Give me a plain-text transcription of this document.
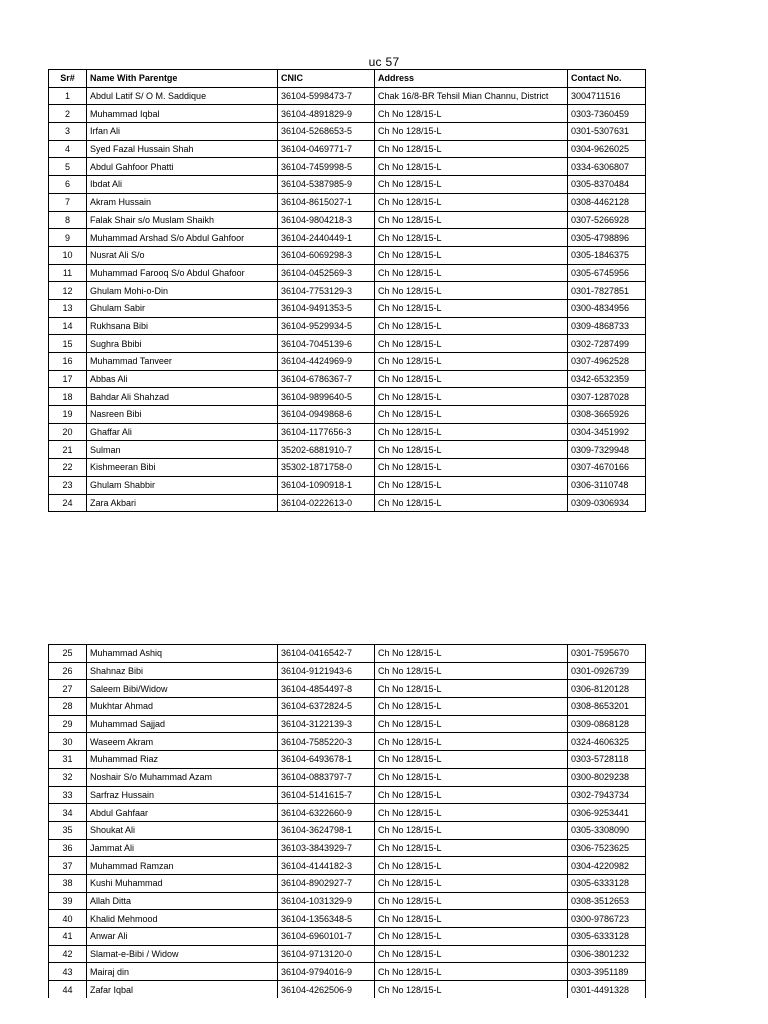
uc 57
Sr#	Name With Parentge	CNIC	Address	Contact No.
1	Abdul Latif S/ O M. Saddique	36104-5998473-7	Chak 16/8-BR Tehsil Mian Channu, District	3004711516
2	Muhammad Iqbal	36104-4891829-9	Ch No 128/15-L	0303-7360459
3	Irfan Ali	36104-5268653-5	Ch No 128/15-L	0301-5307631
4	Syed Fazal Hussain Shah	36104-0469771-7	Ch No 128/15-L	0304-9626025
5	Abdul Gahfoor Phatti	36104-7459998-5	Ch No 128/15-L	0334-6306807
6	Ibdat Ali	36104-5387985-9	Ch No 128/15-L	0305-8370484
7	Akram Hussain	36104-8615027-1	Ch No 128/15-L	0308-4462128
8	Falak Shair s/o Muslam Shaikh	36104-9804218-3	Ch No 128/15-L	0307-5266928
9	Muhammad Arshad S/o Abdul Gahfoor	36104-2440449-1	Ch No 128/15-L	0305-4798896
10	Nusrat Ali S/o	36104-6069298-3	Ch No 128/15-L	0305-1846375
11	Muhammad Farooq S/o Abdul Ghafoor	36104-0452569-3	Ch No 128/15-L	0305-6745956
12	Ghulam Mohi-o-Din	36104-7753129-3	Ch No 128/15-L	0301-7827851
13	Ghulam Sabir	36104-9491353-5	Ch No 128/15-L	0300-4834956
14	Rukhsana Bibi	36104-9529934-5	Ch No 128/15-L	0309-4868733
15	Sughra Bbibi	36104-7045139-6	Ch No 128/15-L	0302-7287499
16	Muhammad Tanveer	36104-4424969-9	Ch No 128/15-L	0307-4962528
17	Abbas Ali	36104-6786367-7	Ch No 128/15-L	0342-6532359
18	Bahdar Ali Shahzad	36104-9899640-5	Ch No 128/15-L	0307-1287028
19	Nasreen Bibi	36104-0949868-6	Ch No 128/15-L	0308-3665926
20	Ghaffar Ali	36104-1177656-3	Ch No 128/15-L	0304-3451992
21	Sulman	35202-6881910-7	Ch No 128/15-L	0309-7329948
22	Kishmeeran Bibi	35302-1871758-0	Ch No 128/15-L	0307-4670166
23	Ghulam Shabbir	36104-1090918-1	Ch No 128/15-L	0306-3110748
24	Zara Akbari	36104-0222613-0	Ch No 128/15-L	0309-0306934
25	Muhammad Ashiq	36104-0416542-7	Ch No 128/15-L	0301-7595670
26	Shahnaz Bibi	36104-9121943-6	Ch No 128/15-L	0301-0926739
27	Saleem Bibi/Widow	36104-4854497-8	Ch No 128/15-L	0306-8120128
28	Mukhtar Ahmad	36104-6372824-5	Ch No 128/15-L	0308-8653201
29	Muhammad Sajjad	36104-3122139-3	Ch No 128/15-L	0309-0868128
30	Waseem Akram	36104-7585220-3	Ch No 128/15-L	0324-4606325
31	Muhammad Riaz	36104-6493678-1	Ch No 128/15-L	0303-5728118
32	Noshair S/o Muhammad Azam	36104-0883797-7	Ch No 128/15-L	0300-8029238
33	Sarfraz Hussain	36104-5141615-7	Ch No 128/15-L	0302-7943734
34	Abdul Gahfaar	36104-6322660-9	Ch No 128/15-L	0306-9253441
35	Shoukat Ali	36104-3624798-1	Ch No 128/15-L	0305-3308090
36	Jammat Ali	36103-3843929-7	Ch No 128/15-L	0306-7523625
37	Muhammad Ramzan	36104-4144182-3	Ch No 128/15-L	0304-4220982
38	Kushi Muhammad	36104-8902927-7	Ch No 128/15-L	0305-6333128
39	Allah Ditta	36104-1031329-9	Ch No 128/15-L	0308-3512653
40	Khalid Mehmood	36104-1356348-5	Ch No 128/15-L	0300-9786723
41	Anwar Ali	36104-6960101-7	Ch No 128/15-L	0305-6333128
42	Slamat-e-Bibi / Widow	36104-9713120-0	Ch No 128/15-L	0306-3801232
43	Mairaj din	36104-9794016-9	Ch No 128/15-L	0303-3951189
44	Zafar Iqbal	36104-4262506-9	Ch No 128/15-L	0301-4491328
